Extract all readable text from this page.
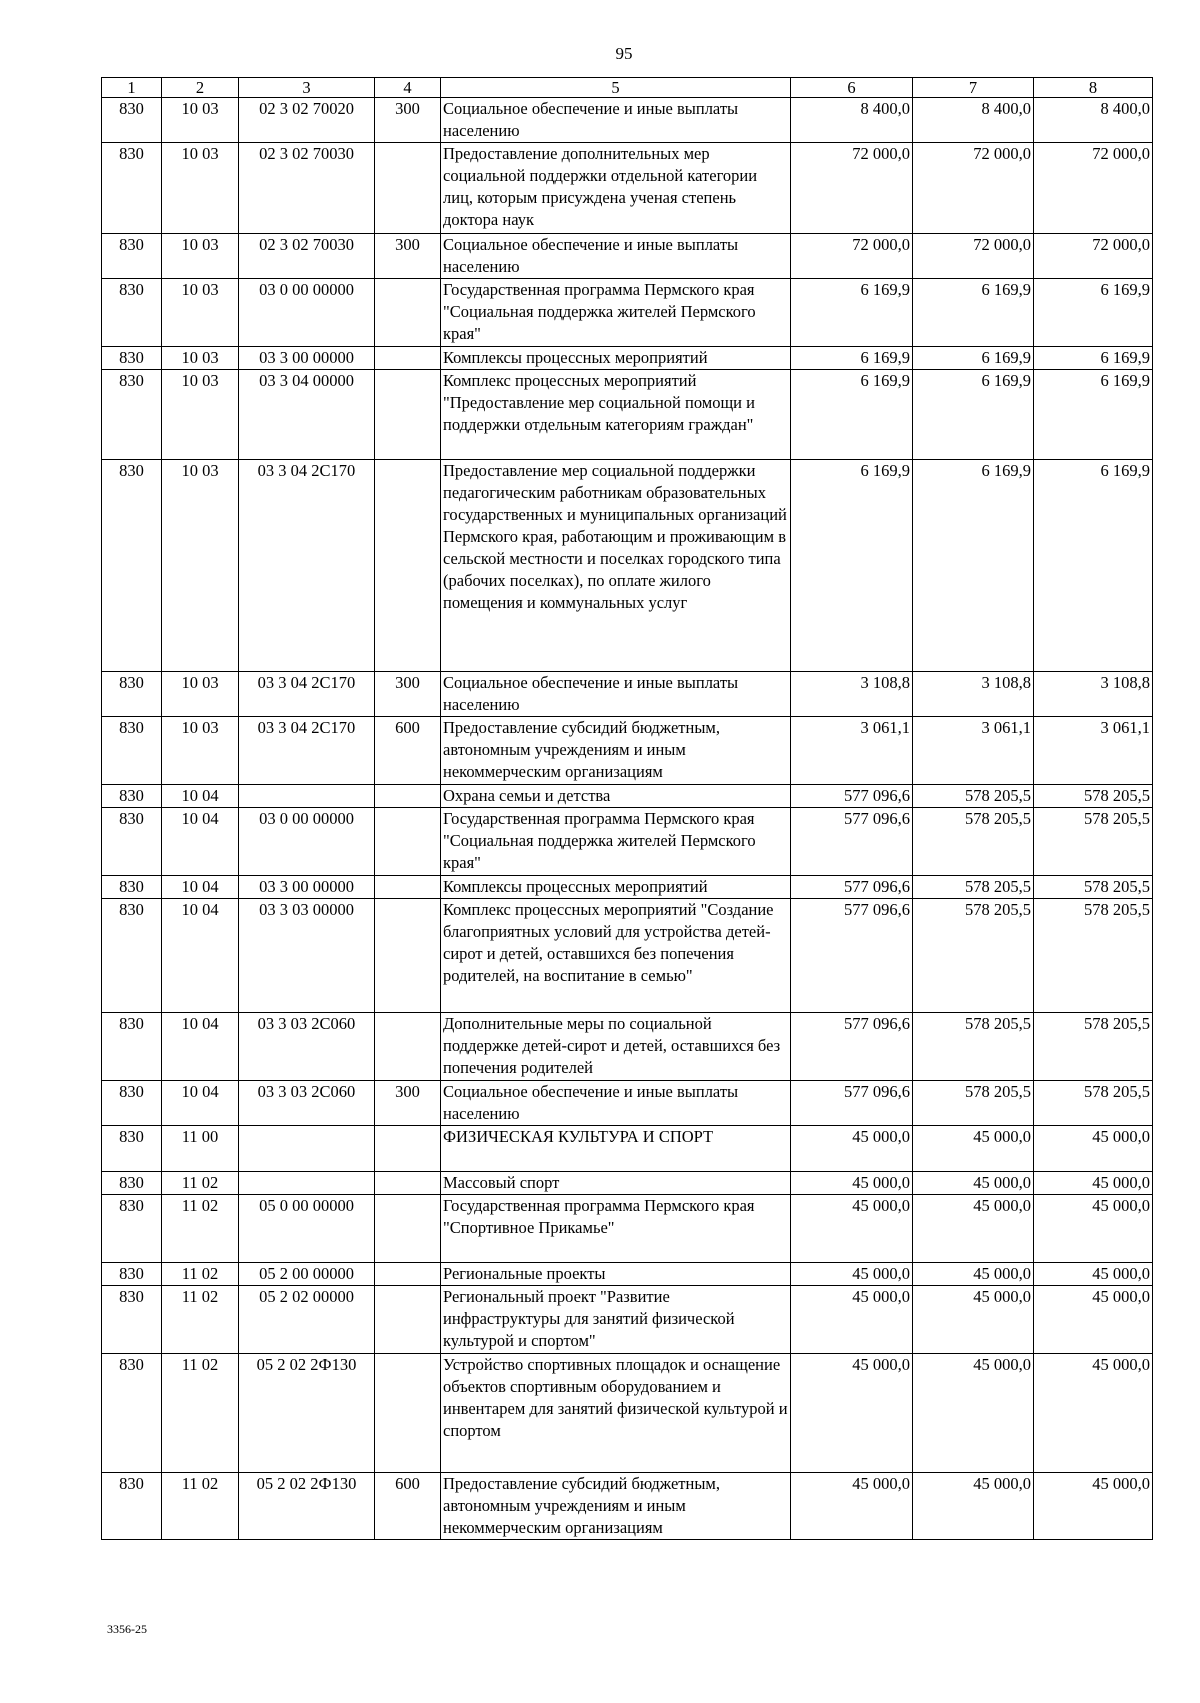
95
1	2	3	4	5	6	7	8
830	10 03	02 3 02 70020	300	Социальное обеспечение и иные выплаты населению	8 400,0	8 400,0	8 400,0
830	10 03	02 3 02 70030		Предоставление дополнительных мер социальной поддержки отдельной категории лиц, которым присуждена ученая степень доктора наук	72 000,0	72 000,0	72 000,0
830	10 03	02 3 02 70030	300	Социальное обеспечение и иные выплаты населению	72 000,0	72 000,0	72 000,0
830	10 03	03 0 00 00000		Государственная программа Пермского края "Социальная поддержка жителей Пермского края"	6 169,9	6 169,9	6 169,9
830	10 03	03 3 00 00000		Комплексы процессных мероприятий	6 169,9	6 169,9	6 169,9
830	10 03	03 3 04 00000		Комплекс процессных мероприятий "Предоставление мер социальной помощи и поддержки отдельным категориям граждан"	6 169,9	6 169,9	6 169,9
830	10 03	03 3 04 2С170		Предоставление мер социальной поддержки педагогическим работникам образовательных государственных и муниципальных организаций Пермского края, работающим и проживающим в сельской местности и поселках городского типа (рабочих поселках), по оплате жилого помещения и коммунальных услуг	6 169,9	6 169,9	6 169,9
830	10 03	03 3 04 2С170	300	Социальное обеспечение и иные выплаты населению	3 108,8	3 108,8	3 108,8
830	10 03	03 3 04 2С170	600	Предоставление субсидий бюджетным, автономным учреждениям и иным некоммерческим организациям	3 061,1	3 061,1	3 061,1
830	10 04			Охрана семьи и детства	577 096,6	578 205,5	578 205,5
830	10 04	03 0 00 00000		Государственная программа Пермского края "Социальная поддержка жителей Пермского края"	577 096,6	578 205,5	578 205,5
830	10 04	03 3 00 00000		Комплексы процессных мероприятий	577 096,6	578 205,5	578 205,5
830	10 04	03 3 03 00000		Комплекс процессных мероприятий "Создание благоприятных условий для устройства детей-сирот и детей, оставшихся без попечения родителей, на воспитание в семью"	577 096,6	578 205,5	578 205,5
830	10 04	03 3 03 2С060		Дополнительные меры по социальной поддержке детей-сирот и детей, оставшихся без попечения родителей	577 096,6	578 205,5	578 205,5
830	10 04	03 3 03 2С060	300	Социальное обеспечение и иные выплаты населению	577 096,6	578 205,5	578 205,5
830	11 00			ФИЗИЧЕСКАЯ КУЛЬТУРА И СПОРТ	45 000,0	45 000,0	45 000,0
830	11 02			Массовый спорт	45 000,0	45 000,0	45 000,0
830	11 02	05 0 00 00000		Государственная программа Пермского края "Спортивное Прикамье"	45 000,0	45 000,0	45 000,0
830	11 02	05 2 00 00000		Региональные проекты	45 000,0	45 000,0	45 000,0
830	11 02	05 2 02 00000		Региональный проект "Развитие инфраструктуры для занятий физической культурой и спортом"	45 000,0	45 000,0	45 000,0
830	11 02	05 2 02 2Ф130		Устройство спортивных площадок и оснащение объектов спортивным оборудованием и инвентарем для занятий физической культурой и спортом	45 000,0	45 000,0	45 000,0
830	11 02	05 2 02 2Ф130	600	Предоставление субсидий бюджетным, автономным учреждениям и иным некоммерческим организациям	45 000,0	45 000,0	45 000,0
3356-25
